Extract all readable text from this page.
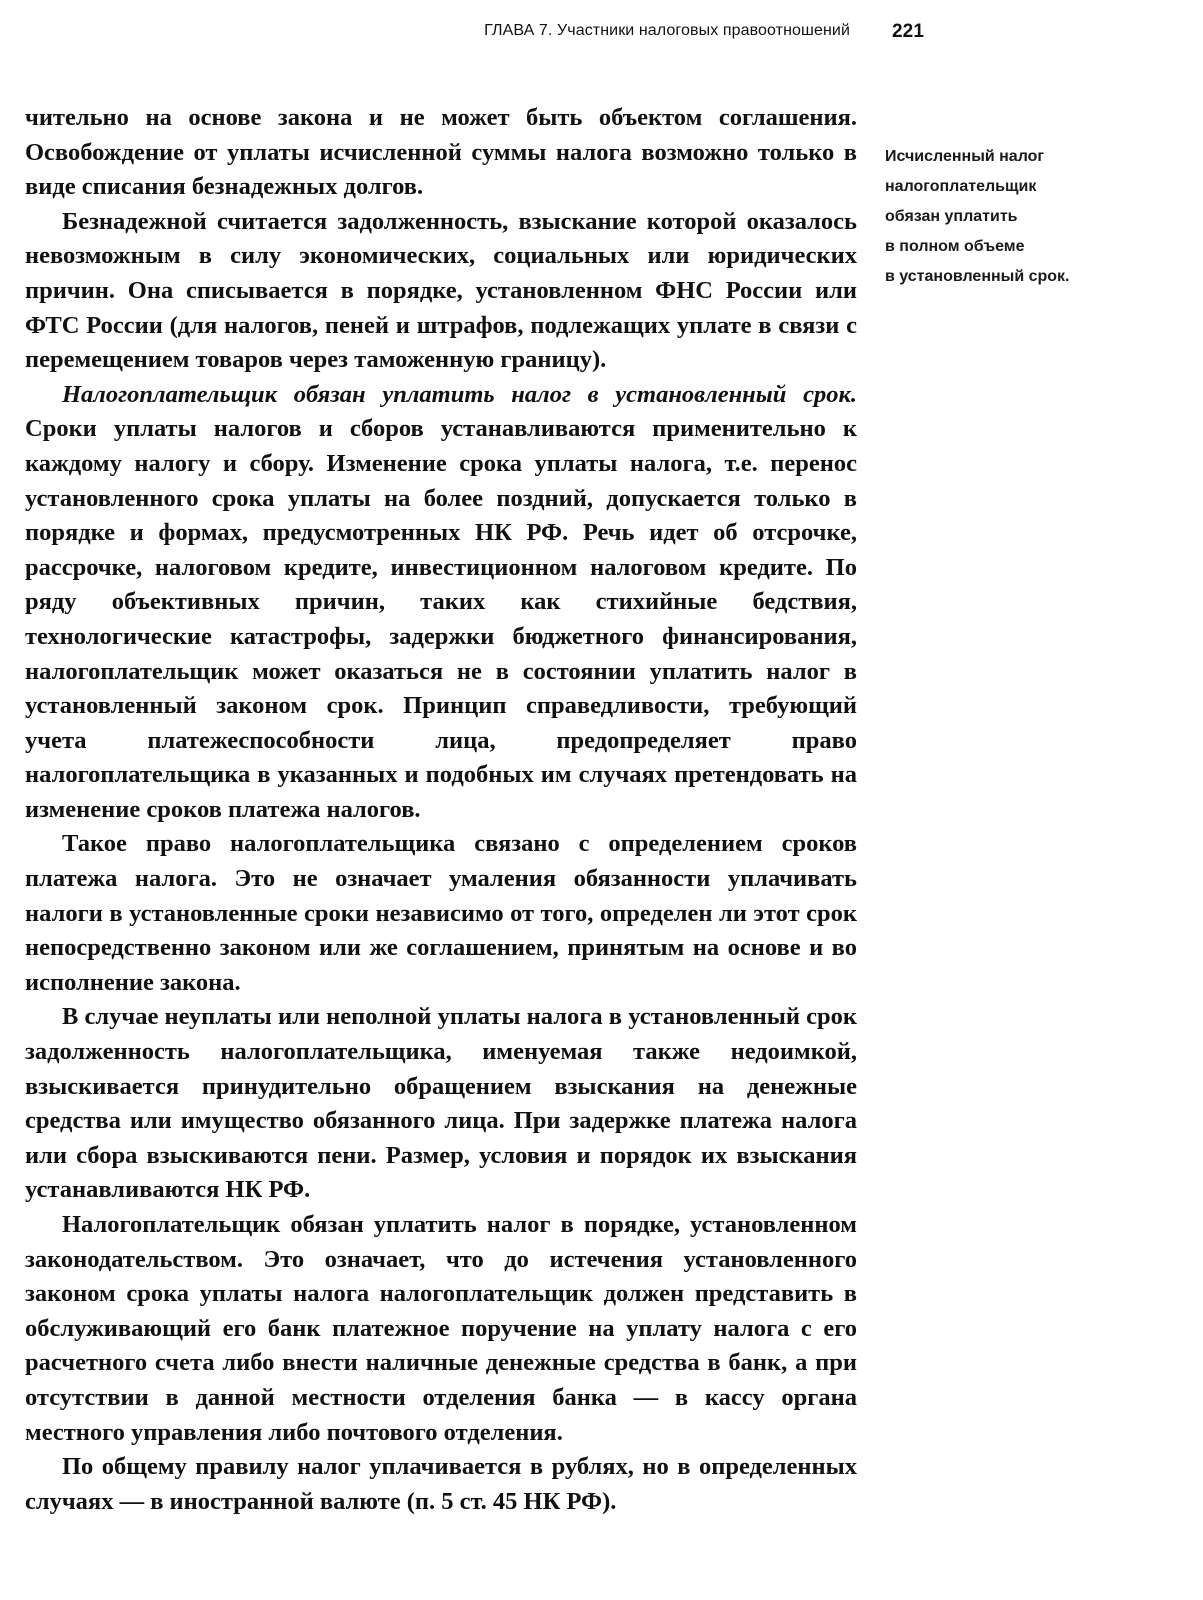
ГЛАВА 7. Участники налоговых правоотношений 221

чительно на основе закона и не может быть объектом соглашения. Освобождение от уплаты исчисленной суммы налога возможно только в виде списания безнадежных долгов.

Безнадежной считается задолженность, взыскание которой оказалось невозможным в силу экономических, социальных или юридических причин. Она списывается в порядке, установленном ФНС России или ФТС России (для налогов, пеней и штрафов, подлежащих уплате в связи с перемещением товаров через таможенную границу).

Налогоплательщик обязан уплатить налог в установленный срок. Сроки уплаты налогов и сборов устанавливаются применительно к каждому налогу и сбору. Изменение срока уплаты налога, т.е. перенос установленного срока уплаты на более поздний, допускается только в порядке и формах, предусмотренных НК РФ. Речь идет об отсрочке, рассрочке, налоговом кредите, инвестиционном налоговом кредите. По ряду объективных причин, таких как стихийные бедствия, технологические катастрофы, задержки бюджетного финансирования, налогоплательщик может оказаться не в состоянии уплатить налог в установленный законом срок. Принцип справедливости, требующий учета платежеспособности лица, предопределяет право налогоплательщика в указанных и подобных им случаях претендовать на изменение сроков платежа налогов.

Такое право налогоплательщика связано с определением сроков платежа налога. Это не означает умаления обязанности уплачивать налоги в установленные сроки независимо от того, определен ли этот срок непосредственно законом или же соглашением, принятым на основе и во исполнение закона.

В случае неуплаты или неполной уплаты налога в установленный срок задолженность налогоплательщика, именуемая также недоимкой, взыскивается принудительно обращением взыскания на денежные средства или имущество обязанного лица. При задержке платежа налога или сбора взыскиваются пени. Размер, условия и порядок их взыскания устанавливаются НК РФ.

Налогоплательщик обязан уплатить налог в порядке, установленном законодательством. Это означает, что до истечения установленного законом срока уплаты налога налогоплательщик должен представить в обслуживающий его банк платежное поручение на уплату налога с его расчетного счета либо внести наличные денежные средства в банк, а при отсутствии в данной местности отделения банка — в кассу органа местного управления либо почтового отделения.

По общему правилу налог уплачивается в рублях, но в определенных случаях — в иностранной валюте (п. 5 ст. 45 НК РФ).

Исчисленный налог
налогоплательщик
обязан уплатить
в полном объеме
в установленный срок.
